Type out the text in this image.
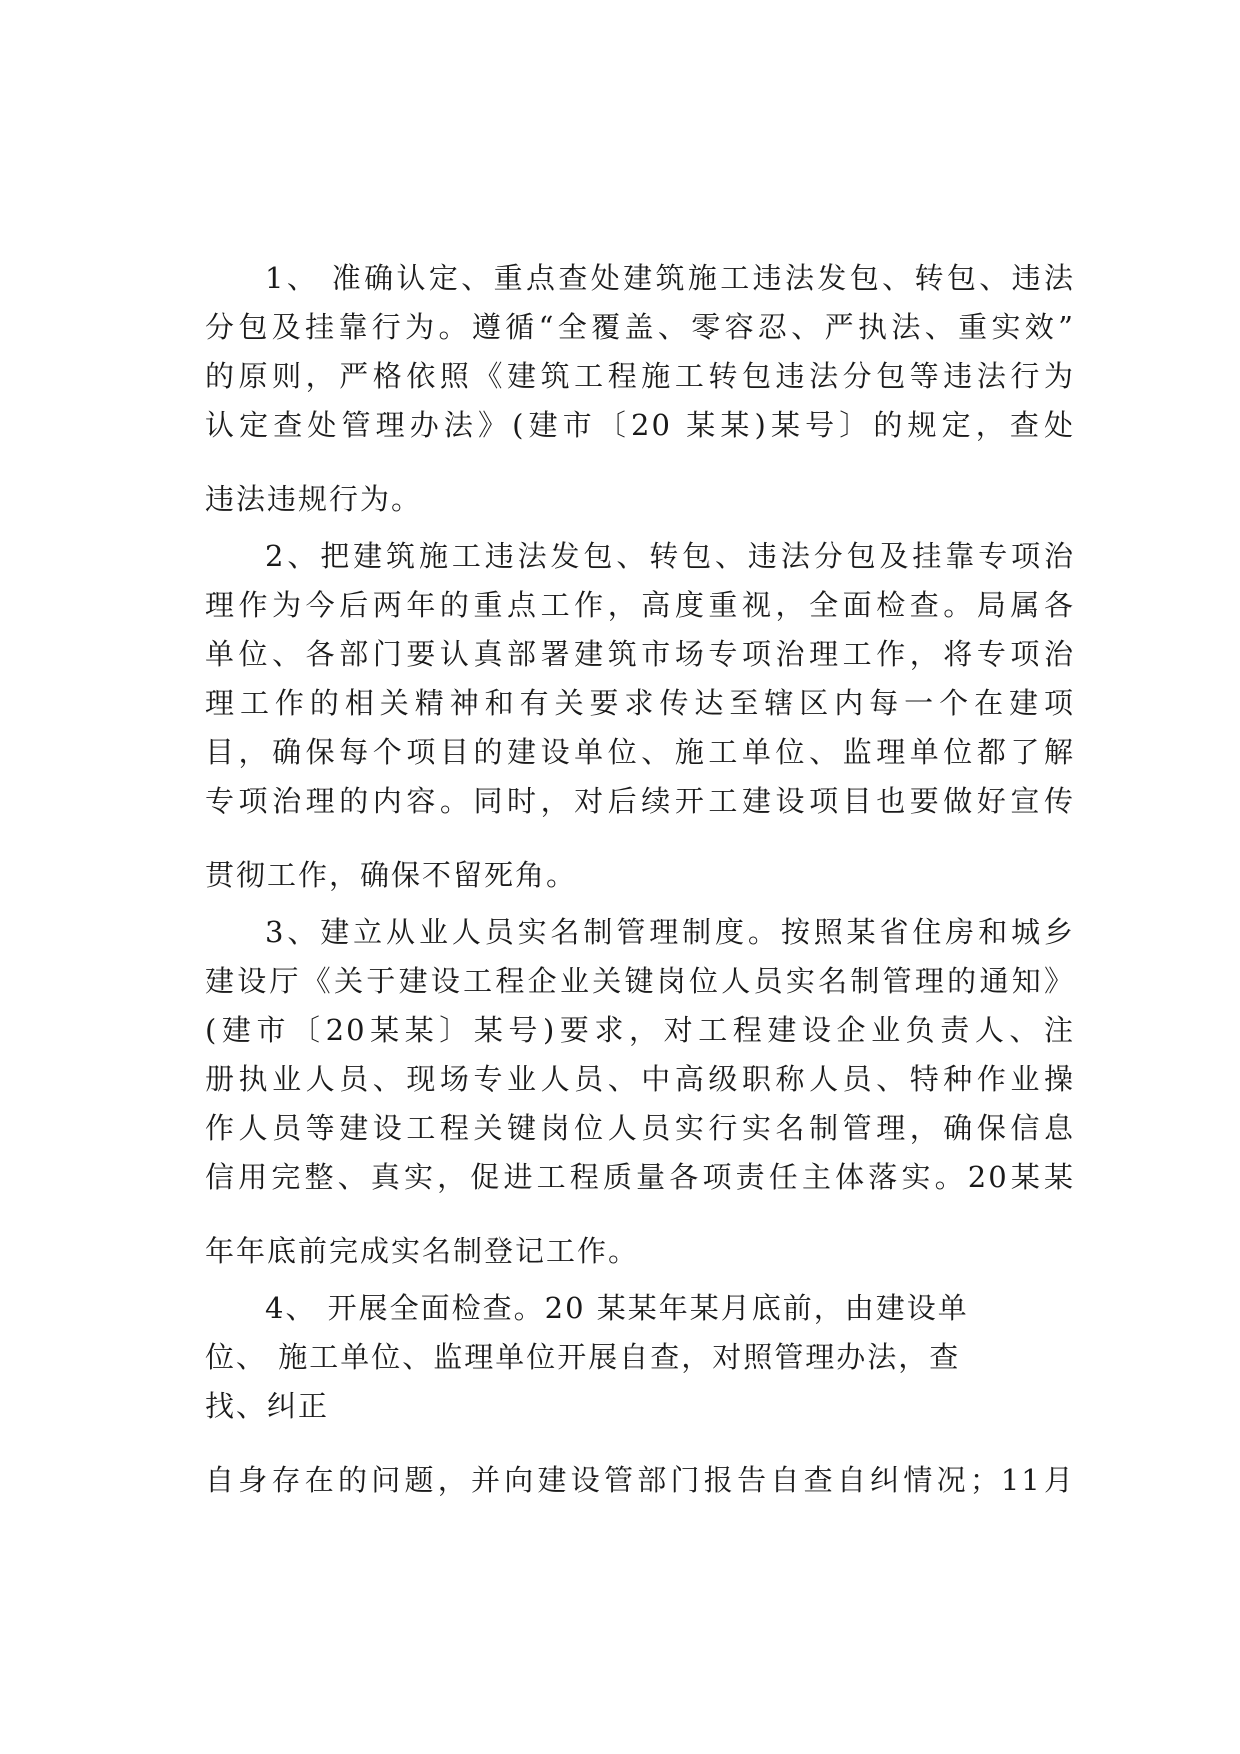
1、 准确认定、重点查处建筑施工违法发包、转包、违法
分包及挂靠行为。遵循“全覆盖、零容忍、严执法、重实效”
的原则，严格依照《建筑工程施工转包违法分包等违法行为
认定查处管理办法》(建市〔20 某某)某号〕的规定，查处
违法违规行为。
2、把建筑施工违法发包、转包、违法分包及挂靠专项治
理作为今后两年的重点工作，高度重视，全面检查。局属各
单位、各部门要认真部署建筑市场专项治理工作，将专项治
理工作的相关精神和有关要求传达至辖区内每一个在建项
目，确保每个项目的建设单位、施工单位、监理单位都了解
专项治理的内容。同时，对后续开工建设项目也要做好宣传
贯彻工作，确保不留死角。
3、建立从业人员实名制管理制度。按照某省住房和城乡
建设厅《关于建设工程企业关键岗位人员实名制管理的通知》
(建市〔20某某〕某号)要求，对工程建设企业负责人、注
册执业人员、现场专业人员、中高级职称人员、特种作业操
作人员等建设工程关键岗位人员实行实名制管理，确保信息
信用完整、真实，促进工程质量各项责任主体落实。20某某
年年底前完成实名制登记工作。
4、 开展全面检查。20 某某年某月底前，由建设单
位、 施工单位、监理单位开展自查，对照管理办法，查
找、纠正
自身存在的问题，并向建设管部门报告自查自纠情况；11月
